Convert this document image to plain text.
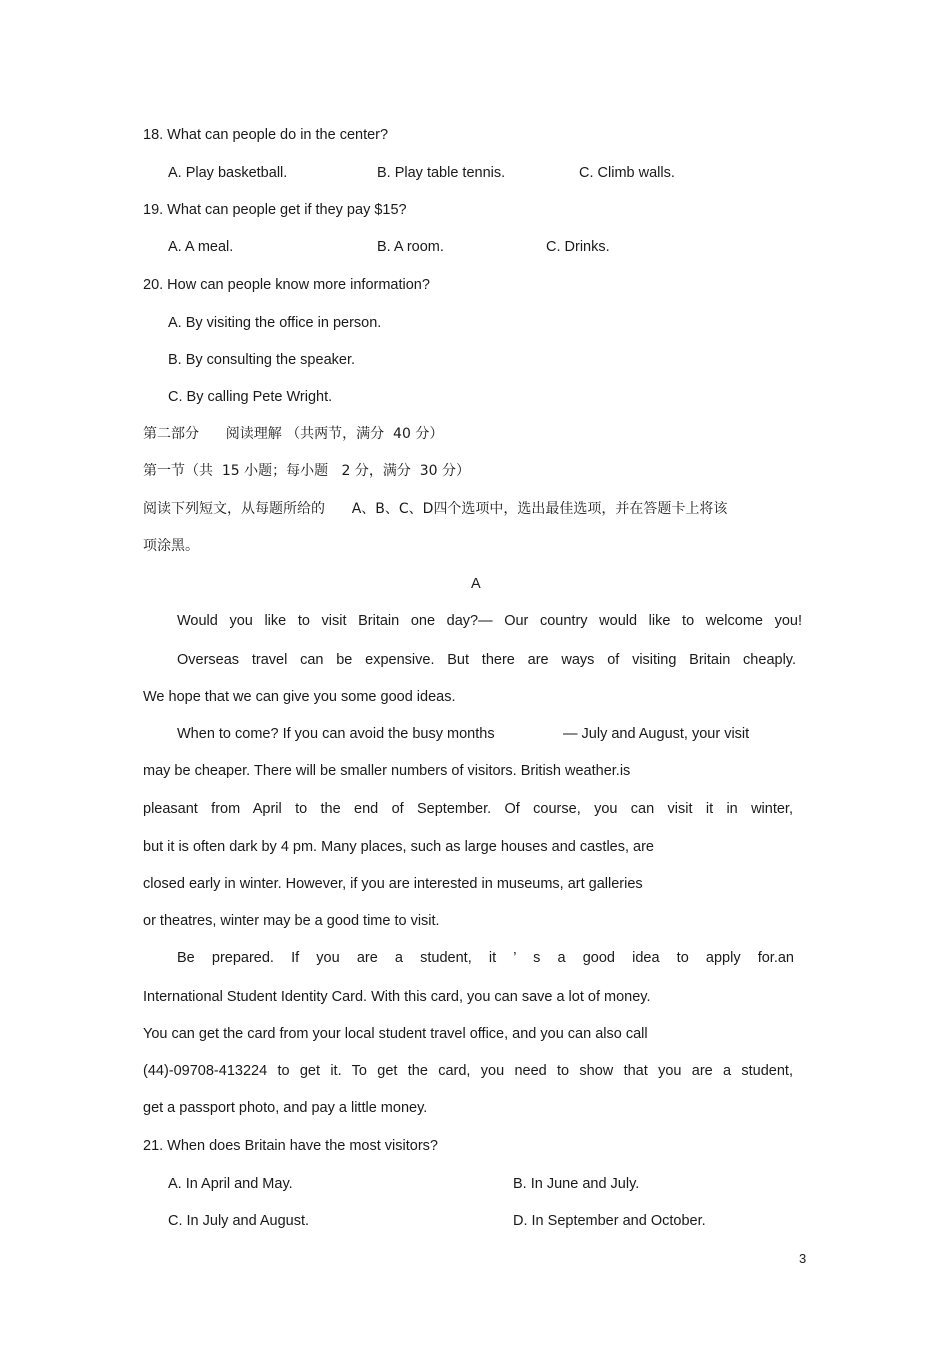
18. What can people do in the center?
A. Play basketball.	B. Play table tennis.	C. Climb walls.
19. What can people get if they pay $15?
A. A meal.	B. A room.	C. Drinks.
20. How can people know more information?
A. By visiting the office in person.
B. By consulting the speaker.
C. By calling Pete Wright.
第二部分      阅读理解 （共两节，满分  40 分）
第一节（共  15 小题；每小题   2 分，满分  30 分）
阅读下列短文，从每题所给的      A、B、C、D四个选项中，选出最佳选项，并在答题卡上将该
项涂黑。
A
Would you like to visit Britain one day?— Our country would like to welcome you!
Overseas travel can be expensive. But there are ways of visiting Britain cheaply.
We hope that we can give you some good ideas.
When to come? If you can avoid the busy months	— July and August, your visit
may be cheaper. There will be smaller numbers of visitors. British weather.is
pleasant from April to the end of September. Of course, you can visit it in winter,
but it is often dark by 4 pm. Many places, such as large houses and castles, are
closed early in winter. However, if you are interested in museums, art galleries
or theatres, winter may be a good time to visit.
Be prepared. If you are a student, it ’ s a good idea to apply for.an
International Student Identity Card. With this card, you can save a lot of money.
You can get the card from your local student travel office, and you can also call
(44)-09708-413224 to get it. To get the card, you need to show that you are a student,
get a passport photo, and pay a little money.
21. When does Britain have the most visitors?
A. In April and May.	B. In June and July.
C. In July and August.	D. In September and October.
3
